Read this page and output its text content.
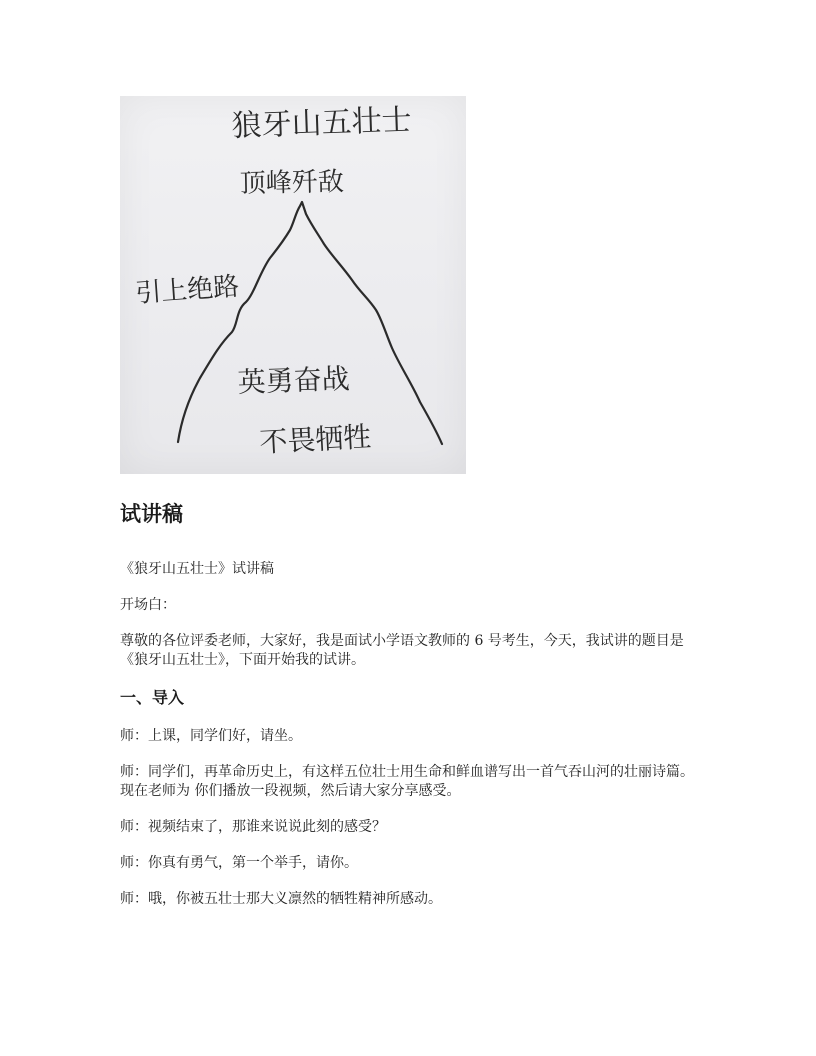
狼牙山五壮士
顶峰歼敌
引上绝路
英勇奋战
不畏牺牲
试讲稿
《狼牙山五壮士》试讲稿
开场白：
尊敬的各位评委老师，大家好，我是面试小学语文教师的 6 号考生，今天，我试讲的题目是《狼牙山五壮士》，下面开始我的试讲。
一、导入
师：上课，同学们好，请坐。
师：同学们，再革命历史上，有这样五位壮士用生命和鲜血谱写出一首气吞山河的壮丽诗篇。现在老师为 你们播放一段视频，然后请大家分享感受。
师：视频结束了，那谁来说说此刻的感受？
师：你真有勇气，第一个举手，请你。
师：哦，你被五壮士那大义凛然的牺牲精神所感动。
